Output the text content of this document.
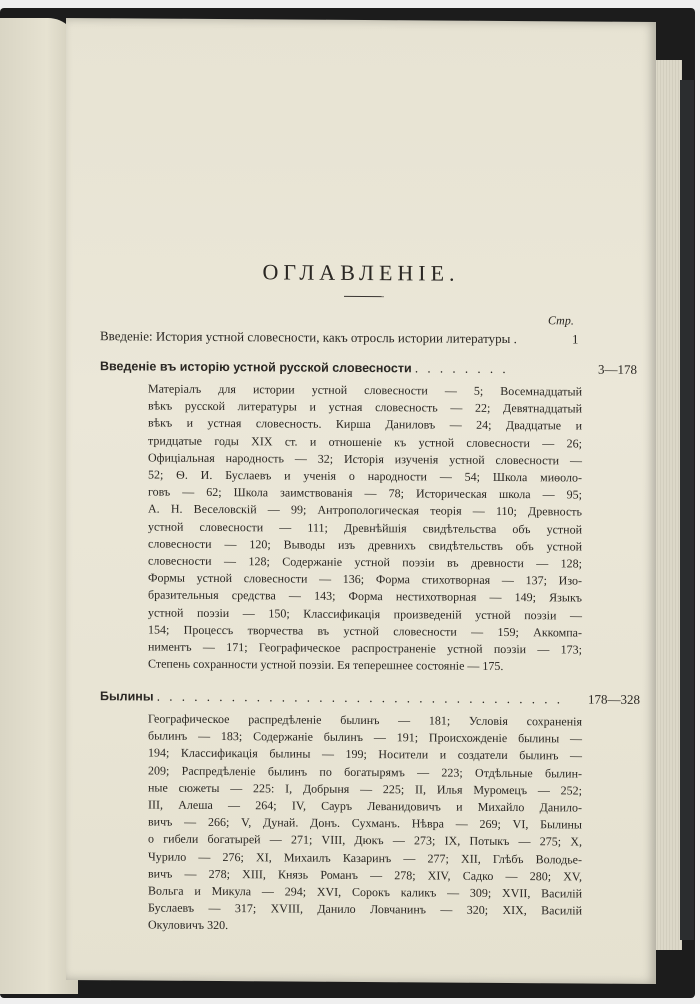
ОГЛАВЛЕНІЕ.
Стр.
Введеніе: История устной словесности, какъ отросль истории литературы .	1
Введеніе въ исторію устной русской словесности . . . . . . . .	3—178
Матеріалъ для истории устной словесности — 5; Восемнадцатый
вѣкъ русской литературы и устная словесность — 22; Девятнадцатый
вѣкъ и устная словесность. Кирша Даниловъ — 24; Двадцатые и
тридцатые годы XIX ст. и отношеніе къ устной словесности — 26;
Офиціальная народность — 32; Исторія изученія устной словесности —
52; Ѳ. И. Буслаевъ и ученія о народности — 54; Школа миѳоло-
говъ — 62; Школа заимствованія — 78; Историческая школа — 95;
А. Н. Веселовскій — 99; Антропологическая теорія — 110; Древность
устной словесности — 111; Древнѣйшія свидѣтельства объ устной
словесности — 120; Выводы изъ древнихъ свидѣтельствъ объ устной
словесности — 128; Содержаніе устной поэзіи въ древности — 128;
Формы устной словесности — 136; Форма стихотворная — 137; Изо-
бразительныя средства — 143; Форма нестихотворная — 149; Языкъ
устной поэзіи — 150; Классификація произведеній устной поэзіи —
154; Процессъ творчества въ устной словесности — 159; Аккомпа-
ниментъ — 171; Географическое распространеніе устной поэзіи — 173;
Степень сохранности устной поэзіи. Ея теперешнее состояніе — 175.
Былины . . . . . . . . . . . . . . . . . . . . . . . . . . . . . . . . . 178—328
Географическое распредѣленіе былинъ — 181; Условія сохраненія
былинъ — 183; Содержаніе былинъ — 191; Происхожденіе былины —
194; Классификація былины — 199; Носители и создатели былинъ —
209; Распредѣленіе былинъ по богатырямъ — 223; Отдѣльные былин-
ные сюжеты — 225: I, Добрыня — 225; II, Илья Муромецъ — 252;
III, Алеша — 264; IV, Сауръ Леванидовичъ и Михайло Данило-
вичъ — 266; V, Дунай. Донъ. Сухманъ. Нѣвра — 269; VI, Былины
о гибели богатырей — 271; VIII, Дюкъ — 273; IX, Потыкъ — 275; X,
Чурило — 276; XI, Михаилъ Казаринъ — 277; XII, Глѣбъ Володье-
вичъ — 278; XIII, Князь Романъ — 278; XIV, Садко — 280; XV,
Вольга и Микула — 294; XVI, Сорокъ каликъ — 309; XVII, Василій
Буслаевъ — 317; XVIII, Данило Ловчанинъ — 320; XIX, Василій
Окуловичъ 320.
